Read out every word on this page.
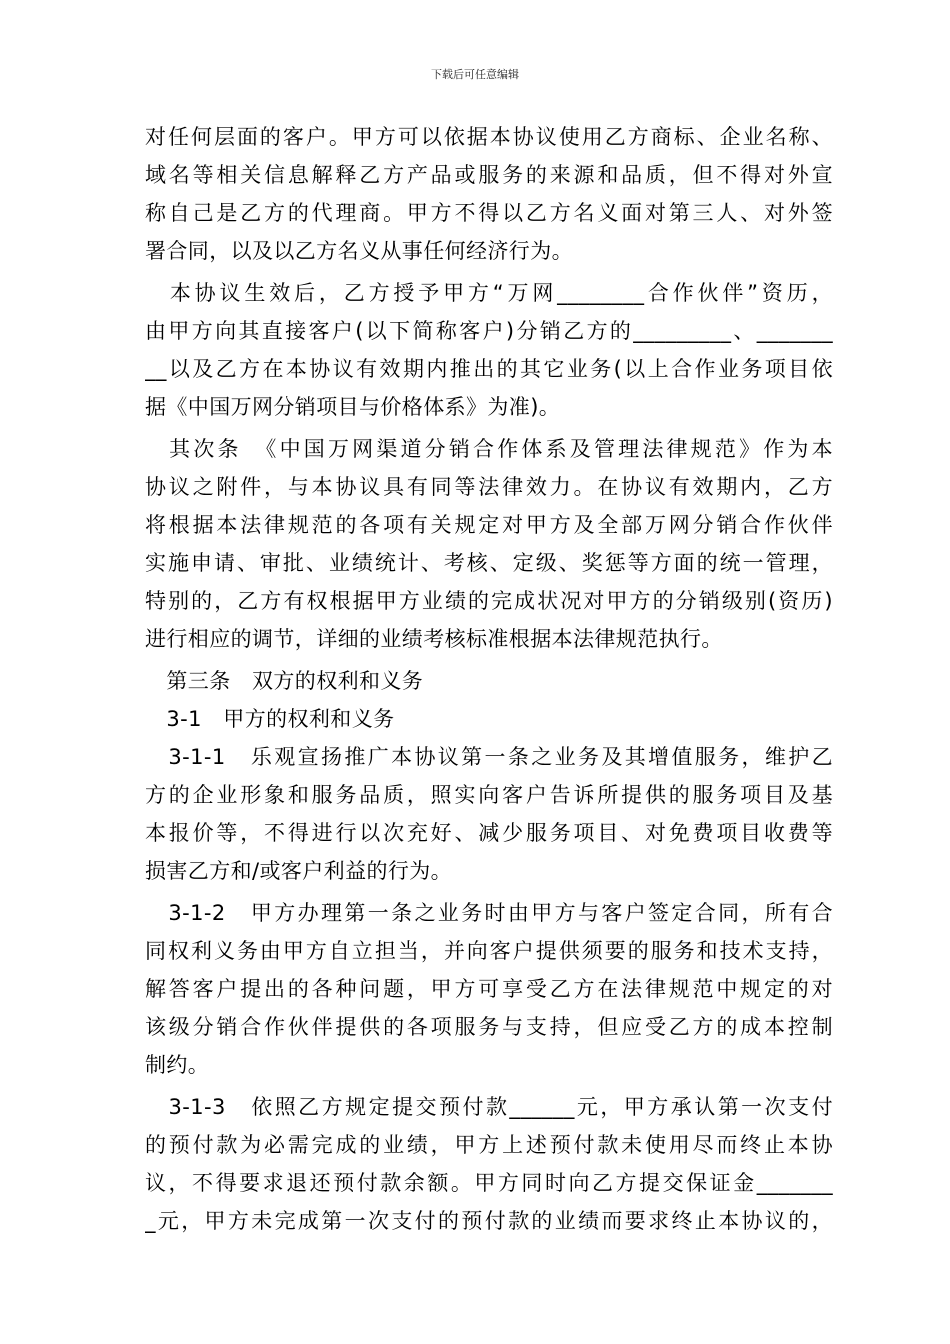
下载后可任意编辑
对任何层面的客户。甲方可以依据本协议使用乙方商标、企业名称、
域名等相关信息解释乙方产品或服务的来源和品质，但不得对外宣
称自己是乙方的代理商。甲方不得以乙方名义面对第三人、对外签
署合同，以及以乙方名义从事任何经济行为。
　本协议生效后，乙方授予甲方“万网________合作伙伴”资历，
由甲方向其直接客户(以下简称客户)分销乙方的_________、_______
__以及乙方在本协议有效期内推出的其它业务(以上合作业务项目依
据《中国万网分销项目与价格体系》为准)。
　其次条　《中国万网渠道分销合作体系及管理法律规范》作为本
协议之附件，与本协议具有同等法律效力。在协议有效期内，乙方
将根据本法律规范的各项有关规定对甲方及全部万网分销合作伙伴
实施申请、审批、业绩统计、考核、定级、奖惩等方面的统一管理，
特别的，乙方有权根据甲方业绩的完成状况对甲方的分销级别(资历)
进行相应的调节，详细的业绩考核标准根据本法律规范执行。
　第三条　双方的权利和义务
　3-1　甲方的权利和义务
　3-1-1　乐观宣扬推广本协议第一条之业务及其增值服务，维护乙
方的企业形象和服务品质，照实向客户告诉所提供的服务项目及基
本报价等，不得进行以次充好、减少服务项目、对免费项目收费等
损害乙方和/或客户利益的行为。
　3-1-2　甲方办理第一条之业务时由甲方与客户签定合同，所有合
同权利义务由甲方自立担当，并向客户提供须要的服务和技术支持，
解答客户提出的各种问题，甲方可享受乙方在法律规范中规定的对
该级分销合作伙伴提供的各项服务与支持，但应受乙方的成本控制
制约。
　3-1-3　依照乙方规定提交预付款______元，甲方承认第一次支付
的预付款为必需完成的业绩，甲方上述预付款未使用尽而终止本协
议，不得要求退还预付款余额。甲方同时向乙方提交保证金_______
_元，甲方未完成第一次支付的预付款的业绩而要求终止本协议的，
